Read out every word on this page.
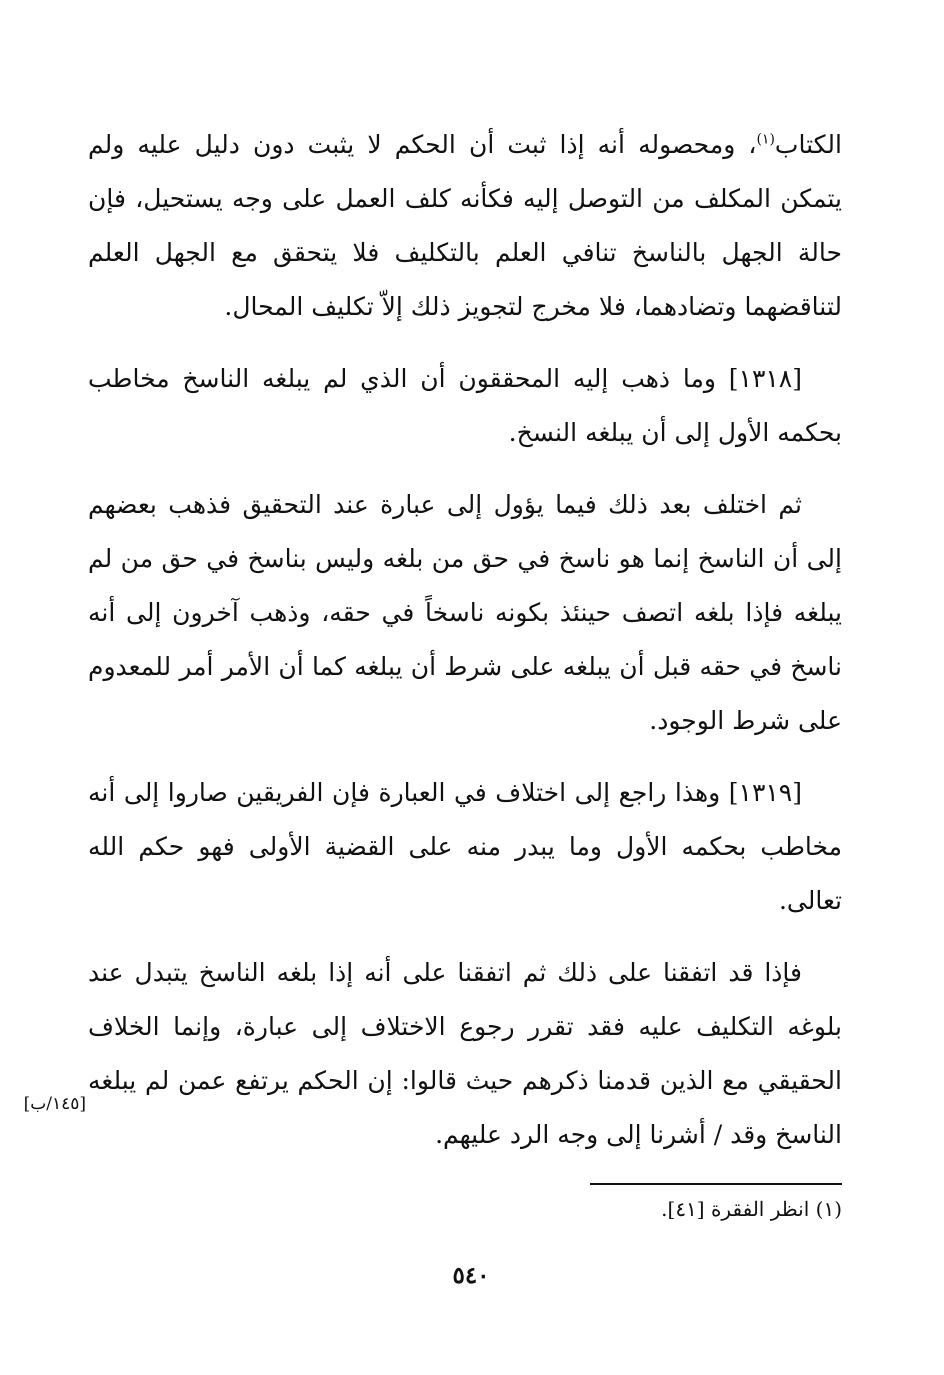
الكتاب$^{(١)}$، ومحصوله أنه إذا ثبت أن الحكم لا يثبت دون دليل عليه ولم يتمكن المكلف من التوصل إليه فكأنه كلف العمل على وجه يستحيل، فإن حالة الجهل بالناسخ تنافي العلم بالتكليف فلا يتحقق مع الجهل العلم لتناقضهما وتضادهما، فلا مخرج لتجويز ذلك إلاّ تكليف المحال.

[١٣١٨] وما ذهب إليه المحققون أن الذي لم يبلغه الناسخ مخاطب بحكمه الأول إلى أن يبلغه النسخ.

ثم اختلف بعد ذلك فيما يؤول إلى عبارة عند التحقيق فذهب بعضهم إلى أن الناسخ إنما هو ناسخ في حق من بلغه وليس بناسخ في حق من لم يبلغه فإذا بلغه اتصف حينئذ بكونه ناسخاً في حقه، وذهب آخرون إلى أنه ناسخ في حقه قبل أن يبلغه على شرط أن يبلغه كما أن الأمر أمر للمعدوم على شرط الوجود.

[١٣١٩] وهذا راجع إلى اختلاف في العبارة فإن الفريقين صاروا إلى أنه مخاطب بحكمه الأول وما يبدر منه على القضية الأولى فهو حكم الله تعالى.

فإذا قد اتفقنا على ذلك ثم اتفقنا على أنه إذا بلغه الناسخ يتبدل عند بلوغه التكليف عليه فقد تقرر رجوع الاختلاف إلى عبارة، وإنما الخلاف الحقيقي مع الذين قدمنا ذكرهم حيث قالوا: إن الحكم يرتفع عمن لم يبلغه الناسخ وقد / أشرنا إلى وجه الرد عليهم.

[١٤٥/ب]
(١) انظر الفقرة [٤١].
٥٤٠
